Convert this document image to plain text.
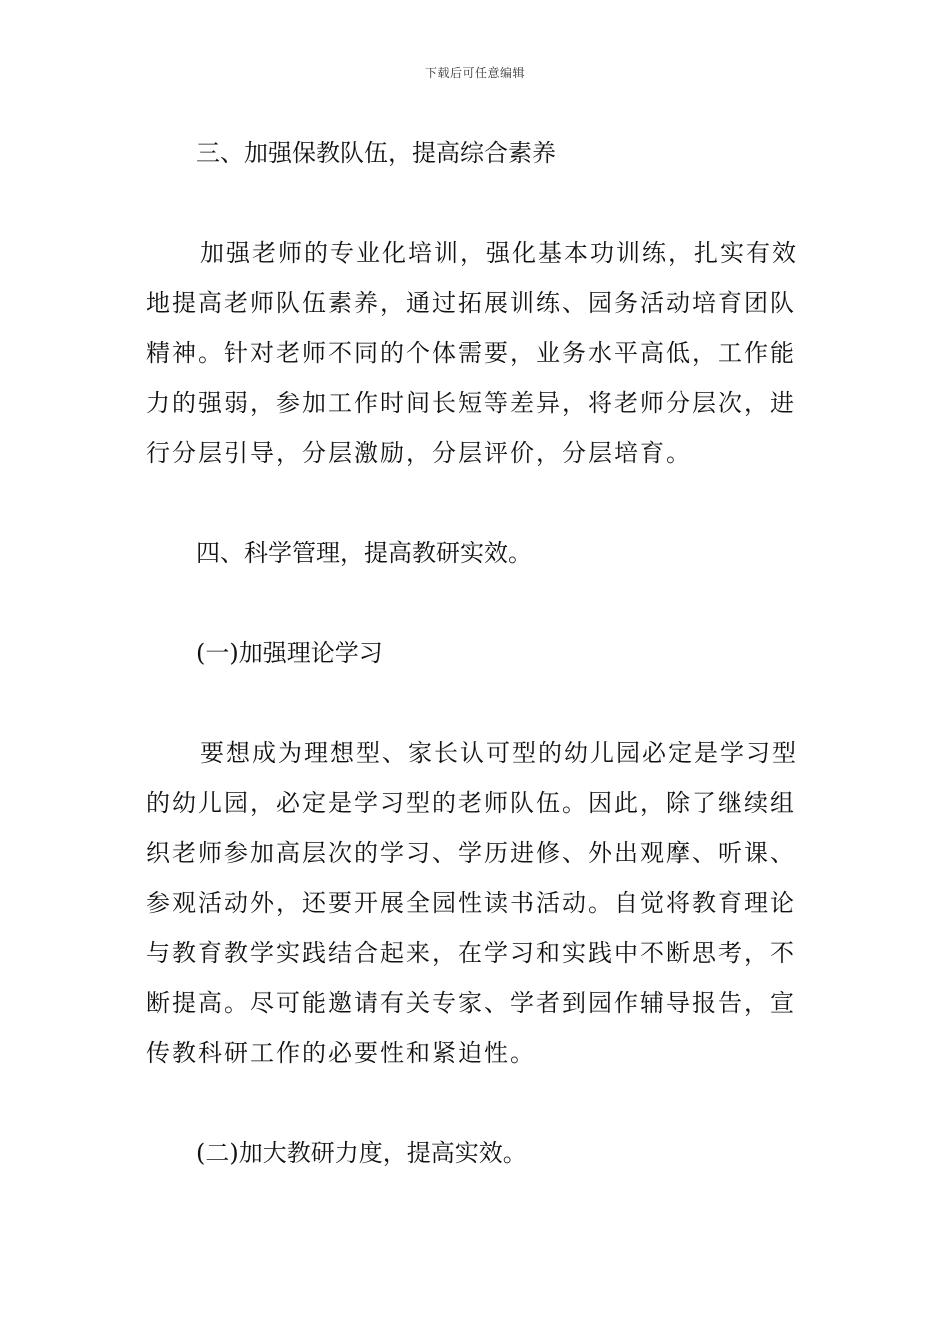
下载后可任意编辑

三、加强保教队伍，提高综合素养

加强老师的专业化培训，强化基本功训练，扎实有效
地提高老师队伍素养，通过拓展训练、园务活动培育团队
精神。针对老师不同的个体需要，业务水平高低，工作能
力的强弱，参加工作时间长短等差异，将老师分层次，进
行分层引导，分层激励，分层评价，分层培育。

四、科学管理，提高教研实效。

(一)加强理论学习

要想成为理想型、家长认可型的幼儿园必定是学习型
的幼儿园，必定是学习型的老师队伍。因此，除了继续组
织老师参加高层次的学习、学历进修、外出观摩、听课、
参观活动外，还要开展全园性读书活动。自觉将教育理论
与教育教学实践结合起来，在学习和实践中不断思考，不
断提高。尽可能邀请有关专家、学者到园作辅导报告，宣
传教科研工作的必要性和紧迫性。

(二)加大教研力度，提高实效。
